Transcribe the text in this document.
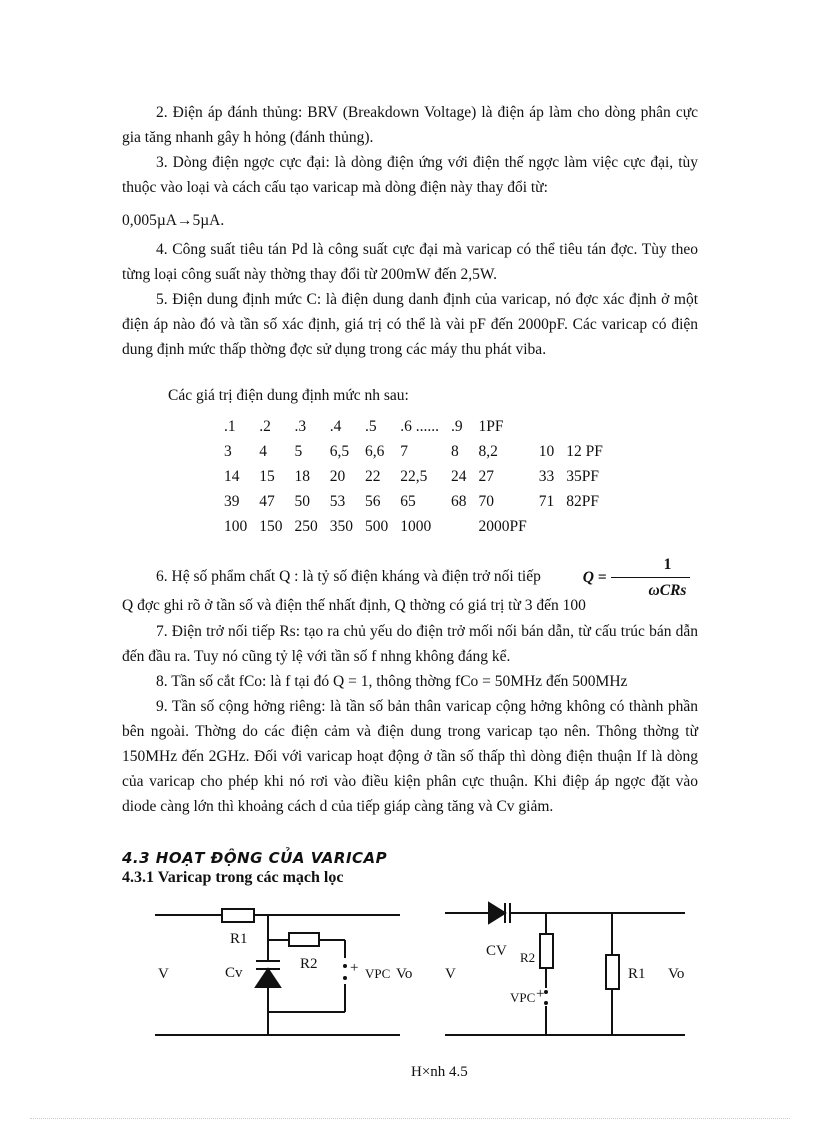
2. Điện áp đánh thủng: BRV (Breakdown Voltage) là điện áp làm cho dòng phân cực gia tăng nhanh gây h hỏng (đánh thủng).

3. Dòng điện ngợc cực đại: là dòng điện ứng với điện thế ngợc làm việc cực đại, tùy thuộc vào loại và cách cấu tạo varicap mà dòng điện này thay đổi từ:

0,005µA→5µA.

4. Công suất tiêu tán Pd là công suất cực đại mà varicap có thể tiêu tán đợc. Tùy theo từng loại công suất này thờng thay đổi từ 200mW đến 2,5W.

5. Điện dung định mức C: là điện dung danh định của varicap, nó đợc xác định ở một điện áp nào đó và tần số xác định, giá trị có thể là vài pF đến 2000pF. Các varicap có điện dung định mức thấp thờng đợc sử dụng trong các máy thu phát viba.

Các giá trị điện dung định mức nh sau:

.1	.2	.3	.4	.5	.6 ......	.9	1PF		
3	4	5	6,5	6,6	7	8	8,2	10	12 PF
14	15	18	20	22	22,5	24	27	33	35PF
39	47	50	53	56	65	68	70	71	82PF
100	150	250	350	500	1000		2000PF		

6. Hệ số phẩm chất Q : là tỷ số điện kháng và điện trở nối tiếp	$Q = \frac{1}{\text{ωCRs}}$

Q đợc ghi rõ ở tần số và điện thế nhất định, Q thờng có giá trị từ 3 đến 100

7. Điện trở nối tiếp Rs: tạo ra chủ yếu do điện trở mối nối bán dẫn, từ cấu trúc bán dẫn đến đầu ra. Tuy nó cũng tỷ lệ với tần số f nhng không đáng kể.

8. Tần số cắt fCo: là f tại đó Q = 1, thông thờng fCo = 50MHz đến 500MHz

9. Tần số cộng hởng riêng: là tần số bản thân varicap cộng hởng không có thành phần bên ngoài. Thờng do các điện cảm và điện dung trong varicap tạo nên. Thông thờng từ 150MHz đến 2GHz. Đối với varicap hoạt động ở tần số thấp thì dòng điện thuận If là dòng của varicap cho phép khi nó rơi vào điều kiện phân cực thuận. Khi điệp áp ngợc đặt vào diode càng lớn thì khoảng cách d của tiếp giáp càng tăng và Cv giảm.

4.3 HOẠT ĐỘNG CỦA VARICAP

4.3.1 Varicap trong các mạch lọc

R1
R2
Cv
V	+ VPC Vo
CV R2
R1
V	Vo
VPC +

H×nh 4.5
